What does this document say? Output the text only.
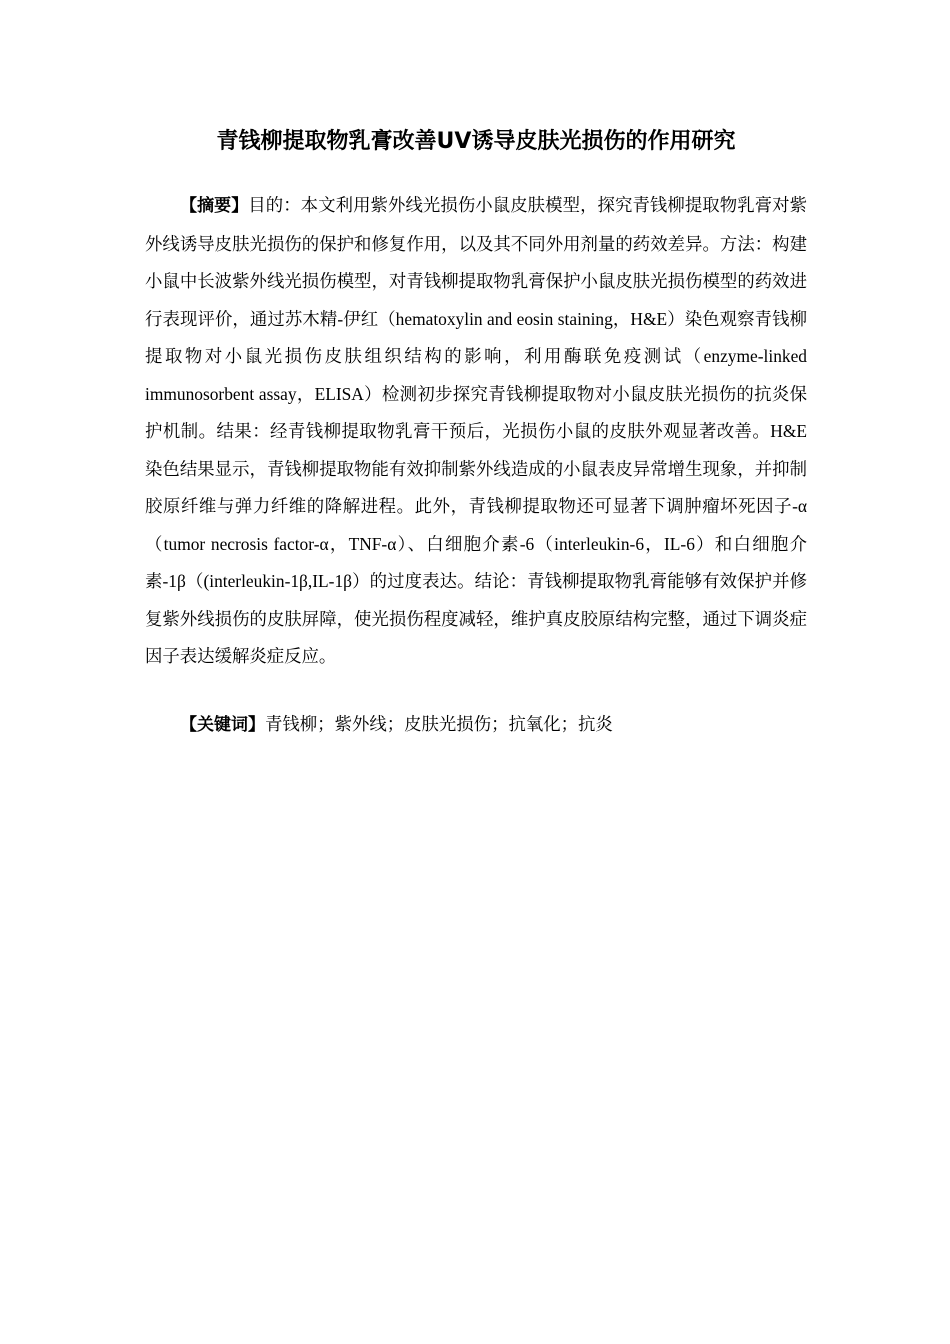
青钱柳提取物乳膏改善UV诱导皮肤光损伤的作用研究

【摘要】目的：本文利用紫外线光损伤小鼠皮肤模型，探究青钱柳提取物乳膏对紫外线诱导皮肤光损伤的保护和修复作用，以及其不同外用剂量的药效差异。方法：构建小鼠中长波紫外线光损伤模型，对青钱柳提取物乳膏保护小鼠皮肤光损伤模型的药效进行表现评价，通过苏木精-伊红（hematoxylin and eosin staining，H&E）染色观察青钱柳提取物对小鼠光损伤皮肤组织结构的影响，利用酶联免疫测试（enzyme-linked immunosorbent assay，ELISA）检测初步探究青钱柳提取物对小鼠皮肤光损伤的抗炎保护机制。结果：经青钱柳提取物乳膏干预后，光损伤小鼠的皮肤外观显著改善。H&E染色结果显示，青钱柳提取物能有效抑制紫外线造成的小鼠表皮异常增生现象，并抑制胶原纤维与弹力纤维的降解进程。此外，青钱柳提取物还可显著下调肿瘤坏死因子-α（tumor necrosis factor-α，TNF-α）、白细胞介素-6（interleukin-6，IL-6）和白细胞介素-1β（(interleukin-1β,IL-1β）的过度表达。结论：青钱柳提取物乳膏能够有效保护并修复紫外线损伤的皮肤屏障，使光损伤程度减轻，维护真皮胶原结构完整，通过下调炎症因子表达缓解炎症反应。

【关键词】青钱柳；紫外线；皮肤光损伤；抗氧化；抗炎
